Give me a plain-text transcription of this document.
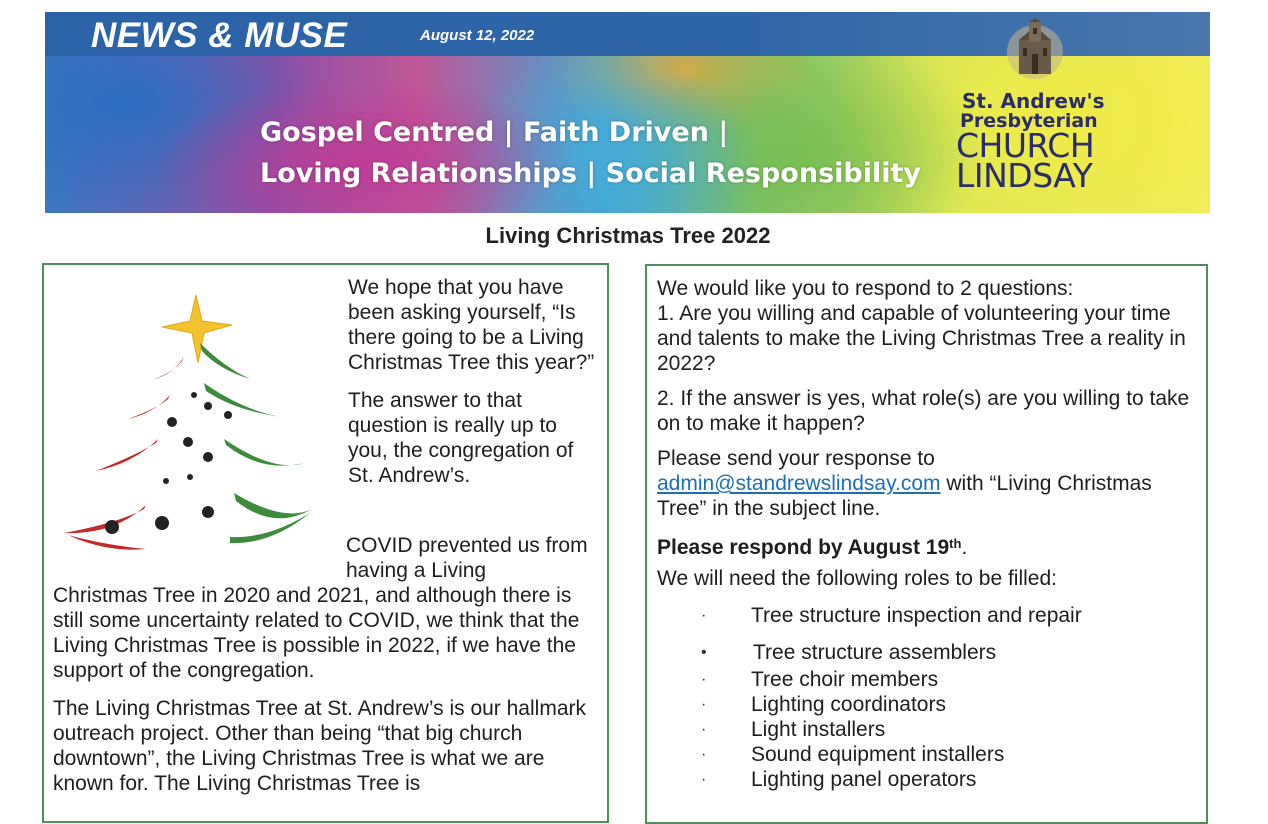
NEWS & MUSE	August 12, 2022
Gospel Centred | Faith Driven |
Loving Relationships | Social Responsibility
St. Andrew's
Presbyterian
CHURCH
LINDSAY
Living Christmas Tree 2022

We hope that you have been asking yourself, “Is there going to be a Living Christmas Tree this year?”

The answer to that question is really up to you, the congregation of St. Andrew’s.

COVID prevented us from having a Living

Christmas Tree in 2020 and 2021, and although there is still some uncertainty related to COVID, we think that the Living Christmas Tree is possible in 2022, if we have the support of the congregation.

The Living Christmas Tree at St. Andrew’s is our hallmark outreach project. Other than being “that big church downtown”, the Living Christmas Tree is what we are known for. The Living Christmas Tree is

We would like you to respond to 2 questions:

1. Are you willing and capable of volunteering your time and talents to make the Living Christmas Tree a reality in 2022?

2. If the answer is yes, what role(s) are you willing to take on to make it happen?

Please send your response to
admin@standrewslindsay.com with “Living Christmas Tree” in the subject line.

Please respond by August 19th.

We will need the following roles to be filled:

· Tree structure inspection and repair
• Tree structure assemblers
· Tree choir members
· Lighting coordinators
· Light installers
· Sound equipment installers
· Lighting panel operators
